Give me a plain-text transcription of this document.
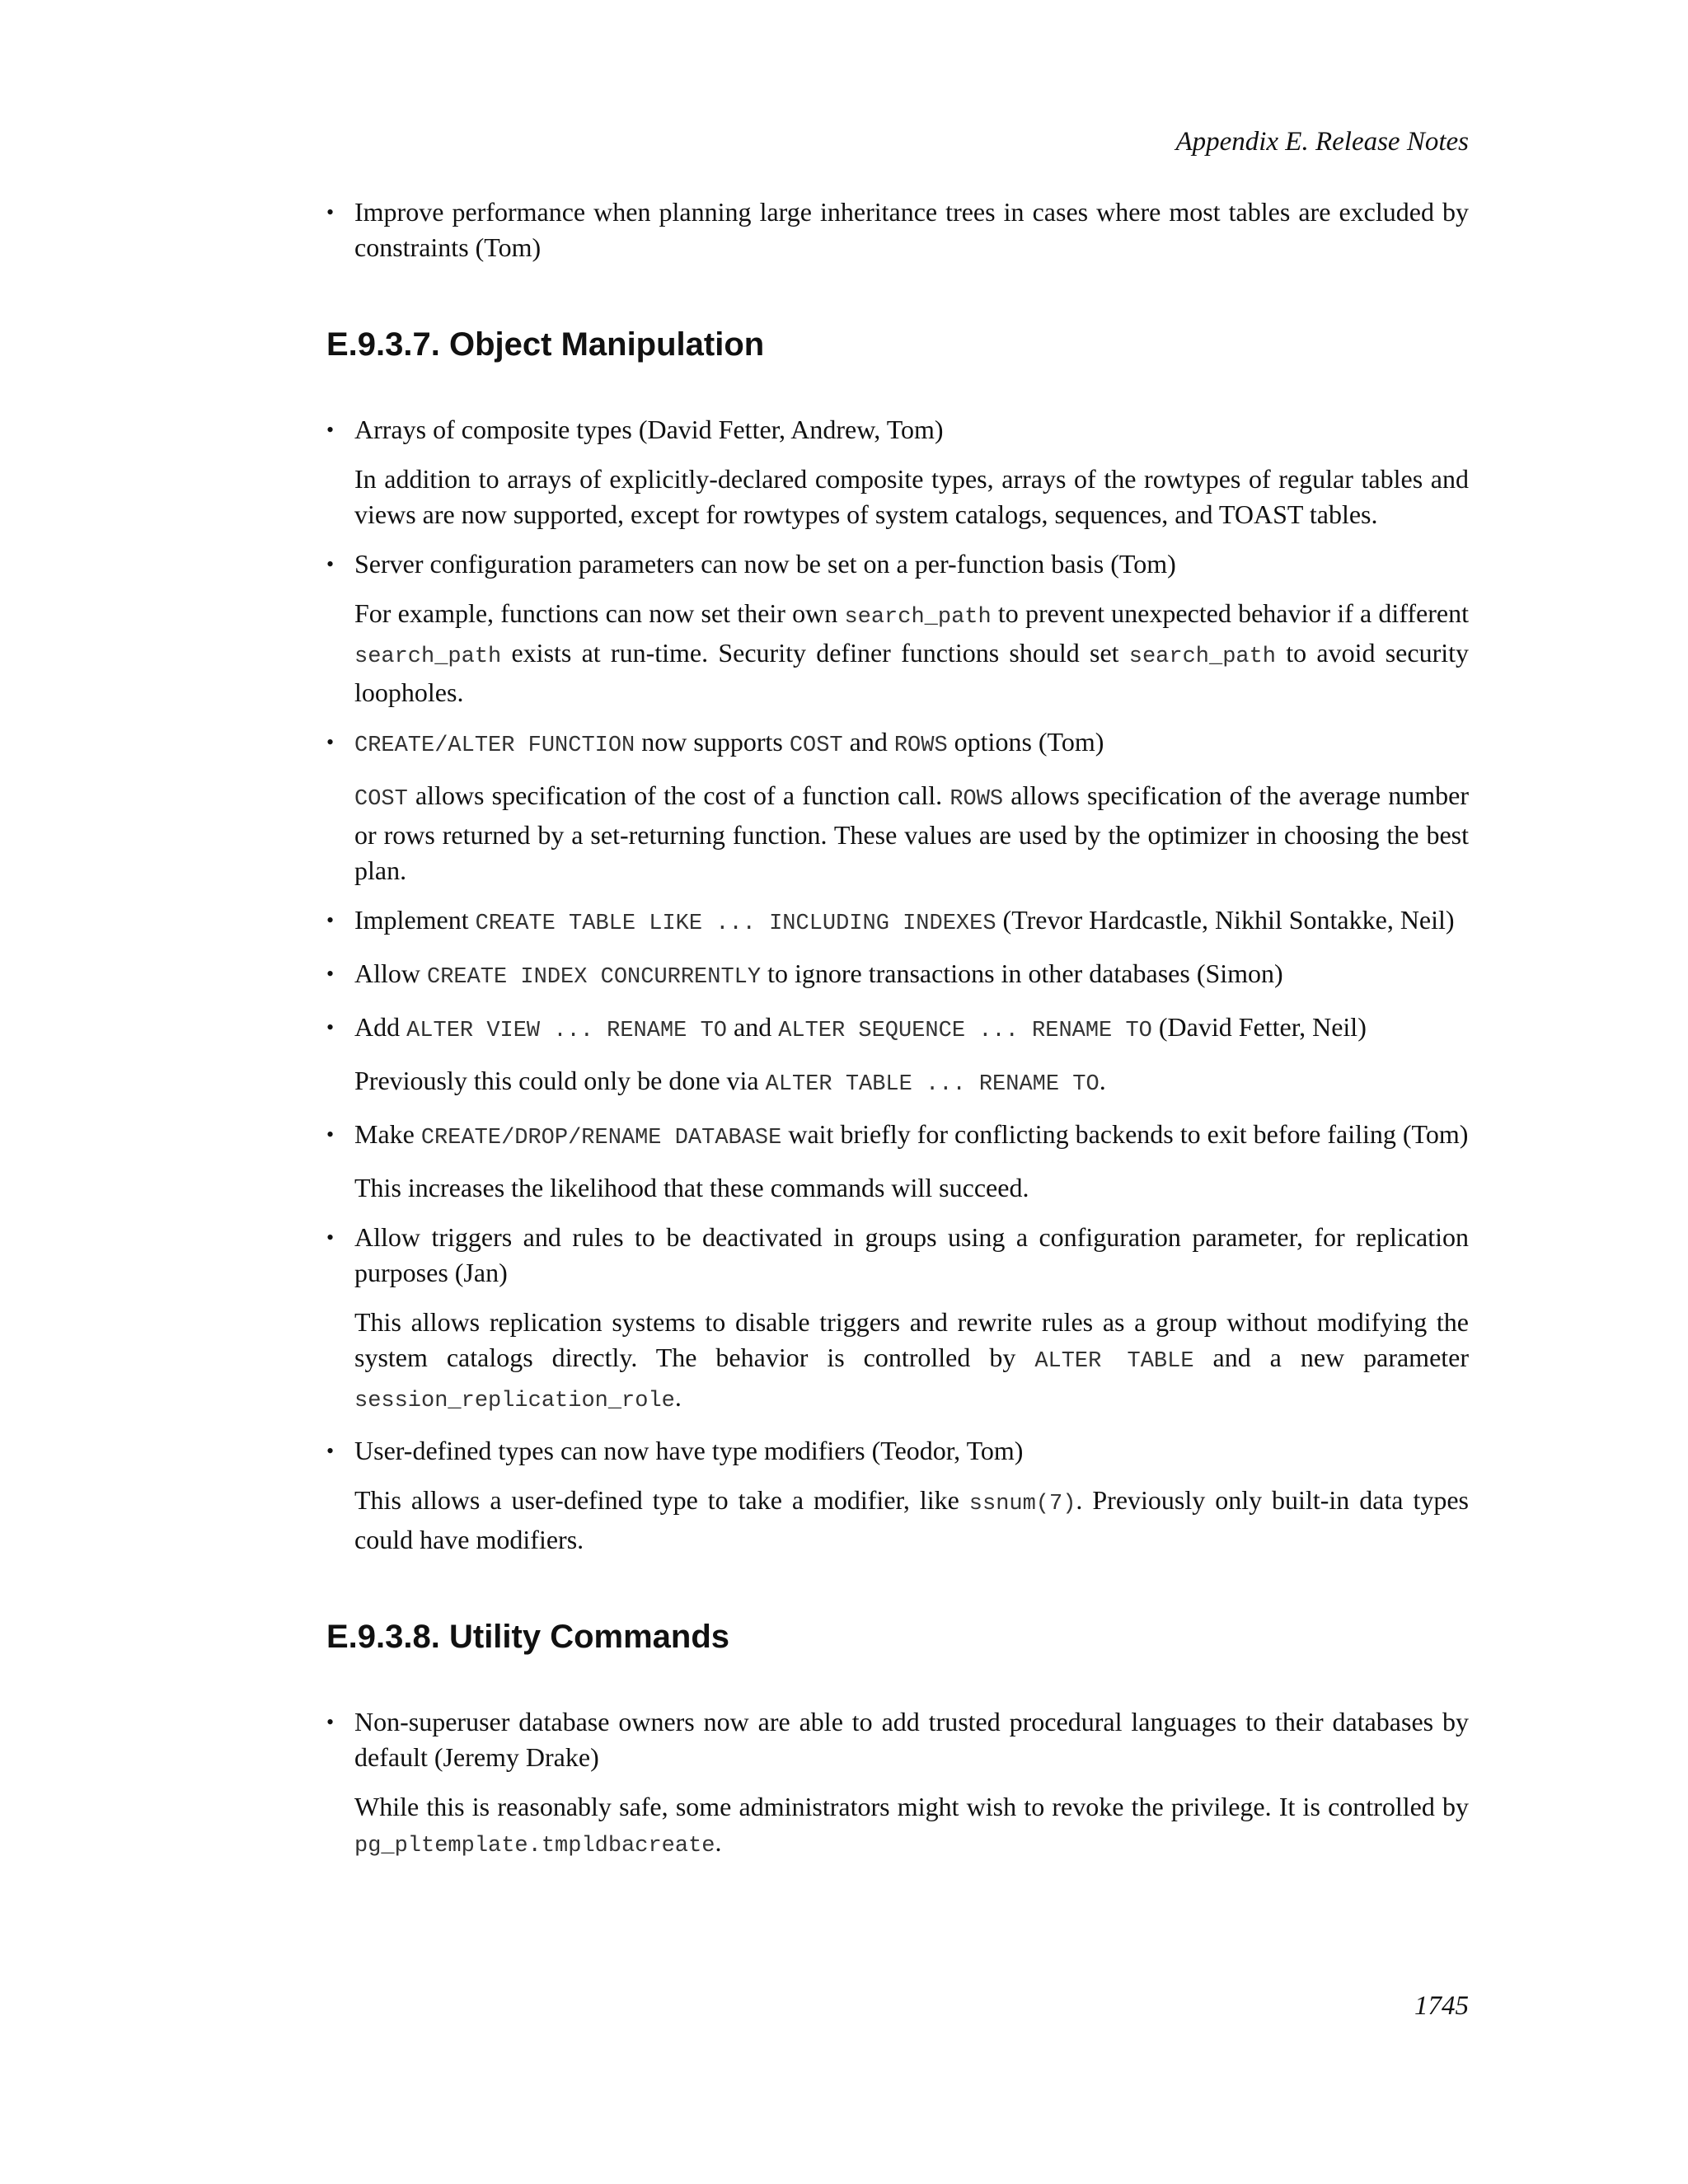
Appendix E. Release Notes

• Improve performance when planning large inheritance trees in cases where most tables are excluded by constraints (Tom)

E.9.3.7. Object Manipulation

• Arrays of composite types (David Fetter, Andrew, Tom)

In addition to arrays of explicitly-declared composite types, arrays of the rowtypes of regular tables and views are now supported, except for rowtypes of system catalogs, sequences, and TOAST tables.

• Server configuration parameters can now be set on a per-function basis (Tom)

For example, functions can now set their own search_path to prevent unexpected behavior if a different search_path exists at run-time. Security definer functions should set search_path to avoid security loopholes.

• CREATE/ALTER FUNCTION now supports COST and ROWS options (Tom)

COST allows specification of the cost of a function call. ROWS allows specification of the average number or rows returned by a set-returning function. These values are used by the optimizer in choosing the best plan.

• Implement CREATE TABLE LIKE ... INCLUDING INDEXES (Trevor Hardcastle, Nikhil Sontakke, Neil)

• Allow CREATE INDEX CONCURRENTLY to ignore transactions in other databases (Simon)

• Add ALTER VIEW ... RENAME TO and ALTER SEQUENCE ... RENAME TO (David Fetter, Neil)

Previously this could only be done via ALTER TABLE ... RENAME TO.

• Make CREATE/DROP/RENAME DATABASE wait briefly for conflicting backends to exit before failing (Tom)

This increases the likelihood that these commands will succeed.

• Allow triggers and rules to be deactivated in groups using a configuration parameter, for replication purposes (Jan)

This allows replication systems to disable triggers and rewrite rules as a group without modifying the system catalogs directly. The behavior is controlled by ALTER TABLE and a new parameter session_replication_role.

• User-defined types can now have type modifiers (Teodor, Tom)

This allows a user-defined type to take a modifier, like ssnum(7). Previously only built-in data types could have modifiers.

E.9.3.8. Utility Commands

• Non-superuser database owners now are able to add trusted procedural languages to their databases by default (Jeremy Drake)

While this is reasonably safe, some administrators might wish to revoke the privilege. It is controlled by pg_pltemplate.tmpldbacreate.

1745
